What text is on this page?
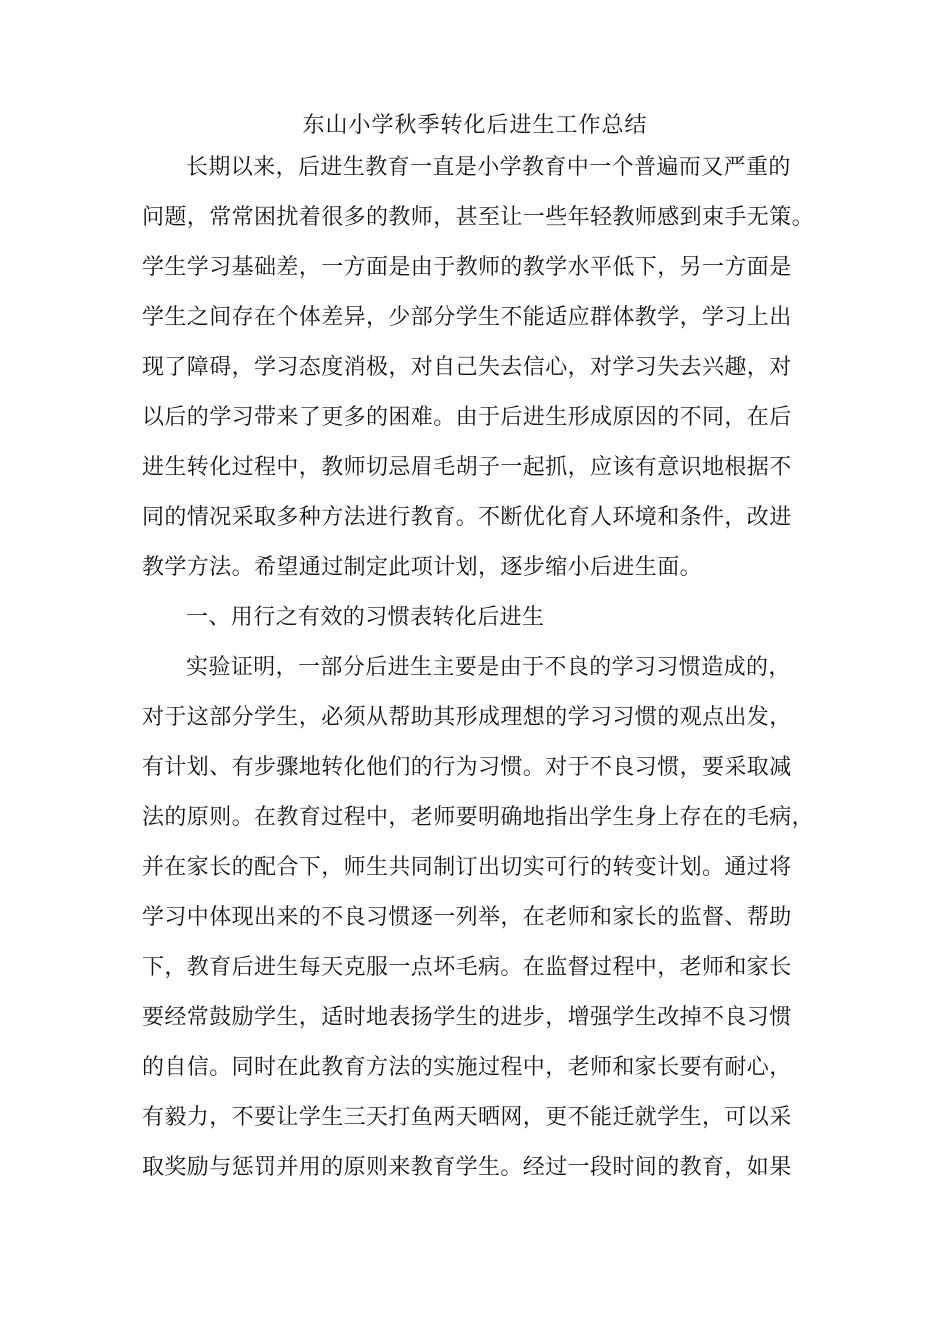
东山小学秋季转化后进生工作总结
长期以来，后进生教育一直是小学教育中一个普遍而又严重的
问题，常常困扰着很多的教师，甚至让一些年轻教师感到束手无策。
学生学习基础差，一方面是由于教师的教学水平低下，另一方面是
学生之间存在个体差异，少部分学生不能适应群体教学，学习上出
现了障碍，学习态度消极，对自己失去信心，对学习失去兴趣，对
以后的学习带来了更多的困难。由于后进生形成原因的不同，在后
进生转化过程中，教师切忌眉毛胡子一起抓，应该有意识地根据不
同的情况采取多种方法进行教育。不断优化育人环境和条件，改进
教学方法。希望通过制定此项计划，逐步缩小后进生面。
一、用行之有效的习惯表转化后进生
实验证明，一部分后进生主要是由于不良的学习习惯造成的，
对于这部分学生，必须从帮助其形成理想的学习习惯的观点出发，
有计划、有步骤地转化他们的行为习惯。对于不良习惯，要采取减
法的原则。在教育过程中，老师要明确地指出学生身上存在的毛病，
并在家长的配合下，师生共同制订出切实可行的转变计划。通过将
学习中体现出来的不良习惯逐一列举，在老师和家长的监督、帮助
下，教育后进生每天克服一点坏毛病。在监督过程中，老师和家长
要经常鼓励学生，适时地表扬学生的进步，增强学生改掉不良习惯
的自信。同时在此教育方法的实施过程中，老师和家长要有耐心，
有毅力，不要让学生三天打鱼两天晒网，更不能迁就学生，可以采
取奖励与惩罚并用的原则来教育学生。经过一段时间的教育，如果
